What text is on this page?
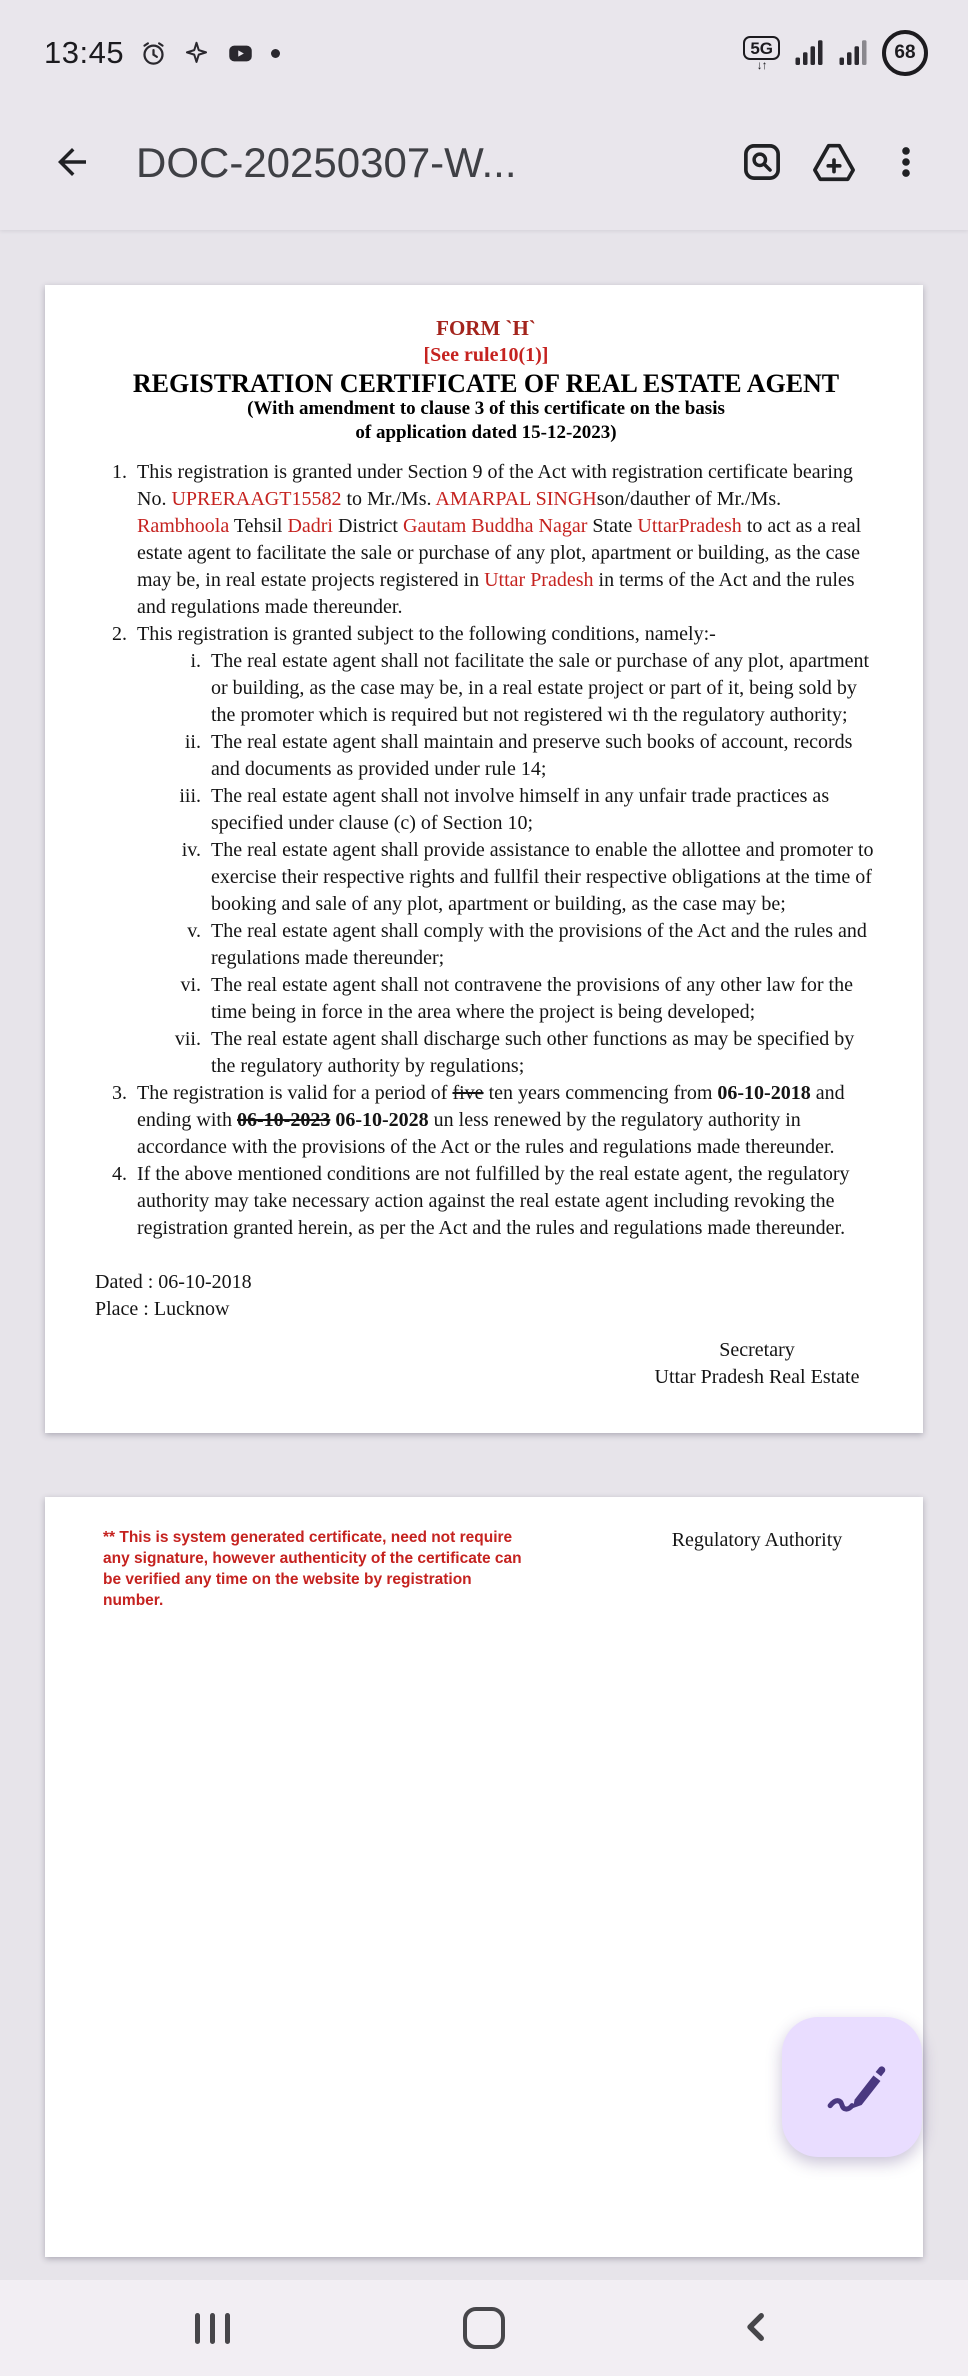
13:45	5G
↓↑
68
DOC-20250307-W...
FORM `H`
[See rule10(1)]
REGISTRATION CERTIFICATE OF REAL ESTATE AGENT
(With amendment to clause 3 of this certificate on the basis
of application dated 15-12-2023)
1. This registration is granted under Section 9 of the Act with registration certificate bearing No. UPRERAAGT15582 to Mr./Ms. AMARPAL SINGHson/dauther of Mr./Ms. Rambhoola Tehsil Dadri District Gautam Buddha Nagar State UttarPradesh to act as a real estate agent to facilitate the sale or purchase of any plot, apartment or building, as the case may be, in real estate projects registered in Uttar Pradesh in terms of the Act and the rules and regulations made thereunder.
2. This registration is granted subject to the following conditions, namely:-
i. The real estate agent shall not facilitate the sale or purchase of any plot, apartment or building, as the case may be, in a real estate project or part of it, being sold by the promoter which is required but not registered wi th the regulatory authority;
ii. The real estate agent shall maintain and preserve such books of account, records and documents as provided under rule 14;
iii. The real estate agent shall not involve himself in any unfair trade practices as specified under clause (c) of Section 10;
iv. The real estate agent shall provide assistance to enable the allottee and promoter to exercise their respective rights and fullfil their respective obligations at the time of booking and sale of any plot, apartment or building, as the case may be;
v. The real estate agent shall comply with the provisions of the Act and the rules and regulations made thereunder;
vi. The real estate agent shall not contravene the provisions of any other law for the time being in force in the area where the project is being developed;
vii. The real estate agent shall discharge such other functions as may be specified by the regulatory authority by regulations;
3. The registration is valid for a period of five ten years commencing from 06-10-2018 and ending with 06-10-2023 06-10-2028 un less renewed by the regulatory authority in accordance with the provisions of the Act or the rules and regulations made thereunder.
4. If the above mentioned conditions are not fulfilled by the real estate agent, the regulatory authority may take necessary action against the real estate agent including revoking the registration granted herein, as per the Act and the rules and regulations made thereunder.
Dated : 06-10-2018
Place : Lucknow
Secretary
Uttar Pradesh Real Estate
** This is system generated certificate, need not require any signature, however authenticity of the certificate can be verified any time on the website by registration number.
Regulatory Authority
